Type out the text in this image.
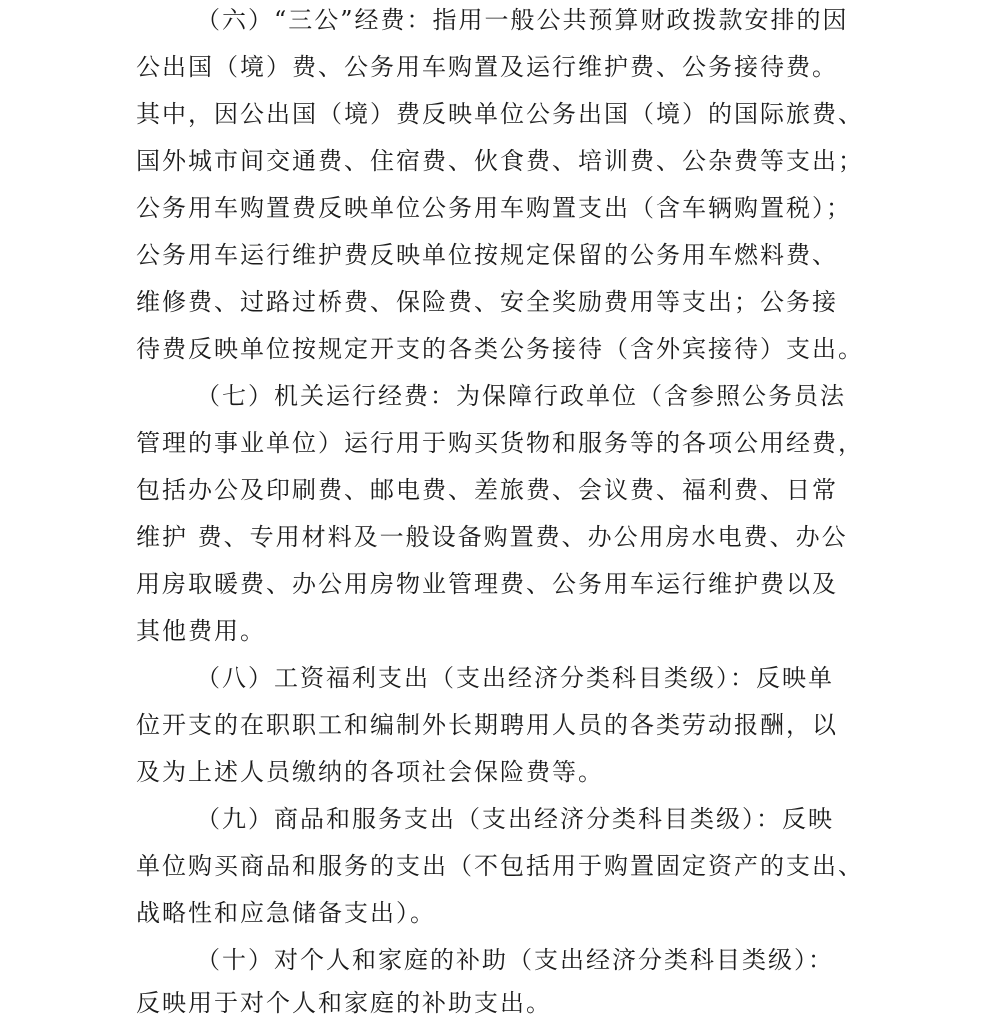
（六）“三公”经费：指用一般公共预算财政拨款安排的因
公出国（境）费、公务用车购置及运行维护费、公务接待费。
其中，因公出国（境）费反映单位公务出国（境）的国际旅费、
国外城市间交通费、住宿费、伙食费、培训费、公杂费等支出；
公务用车购置费反映单位公务用车购置支出（含车辆购置税）；
公务用车运行维护费反映单位按规定保留的公务用车燃料费、
维修费、过路过桥费、保险费、安全奖励费用等支出；公务接
待费反映单位按规定开支的各类公务接待（含外宾接待）支出。
（七）机关运行经费：为保障行政单位（含参照公务员法
管理的事业单位）运行用于购买货物和服务等的各项公用经费，
包括办公及印刷费、邮电费、差旅费、会议费、福利费、日常
维护 费、专用材料及一般设备购置费、办公用房水电费、办公
用房取暖费、办公用房物业管理费、公务用车运行维护费以及
其他费用。
（八）工资福利支出（支出经济分类科目类级）：反映单
位开支的在职职工和编制外长期聘用人员的各类劳动报酬，以
及为上述人员缴纳的各项社会保险费等。
（九）商品和服务支出（支出经济分类科目类级）：反映
单位购买商品和服务的支出（不包括用于购置固定资产的支出、
战略性和应急储备支出）。
（十）对个人和家庭的补助（支出经济分类科目类级）：
反映用于对个人和家庭的补助支出。
